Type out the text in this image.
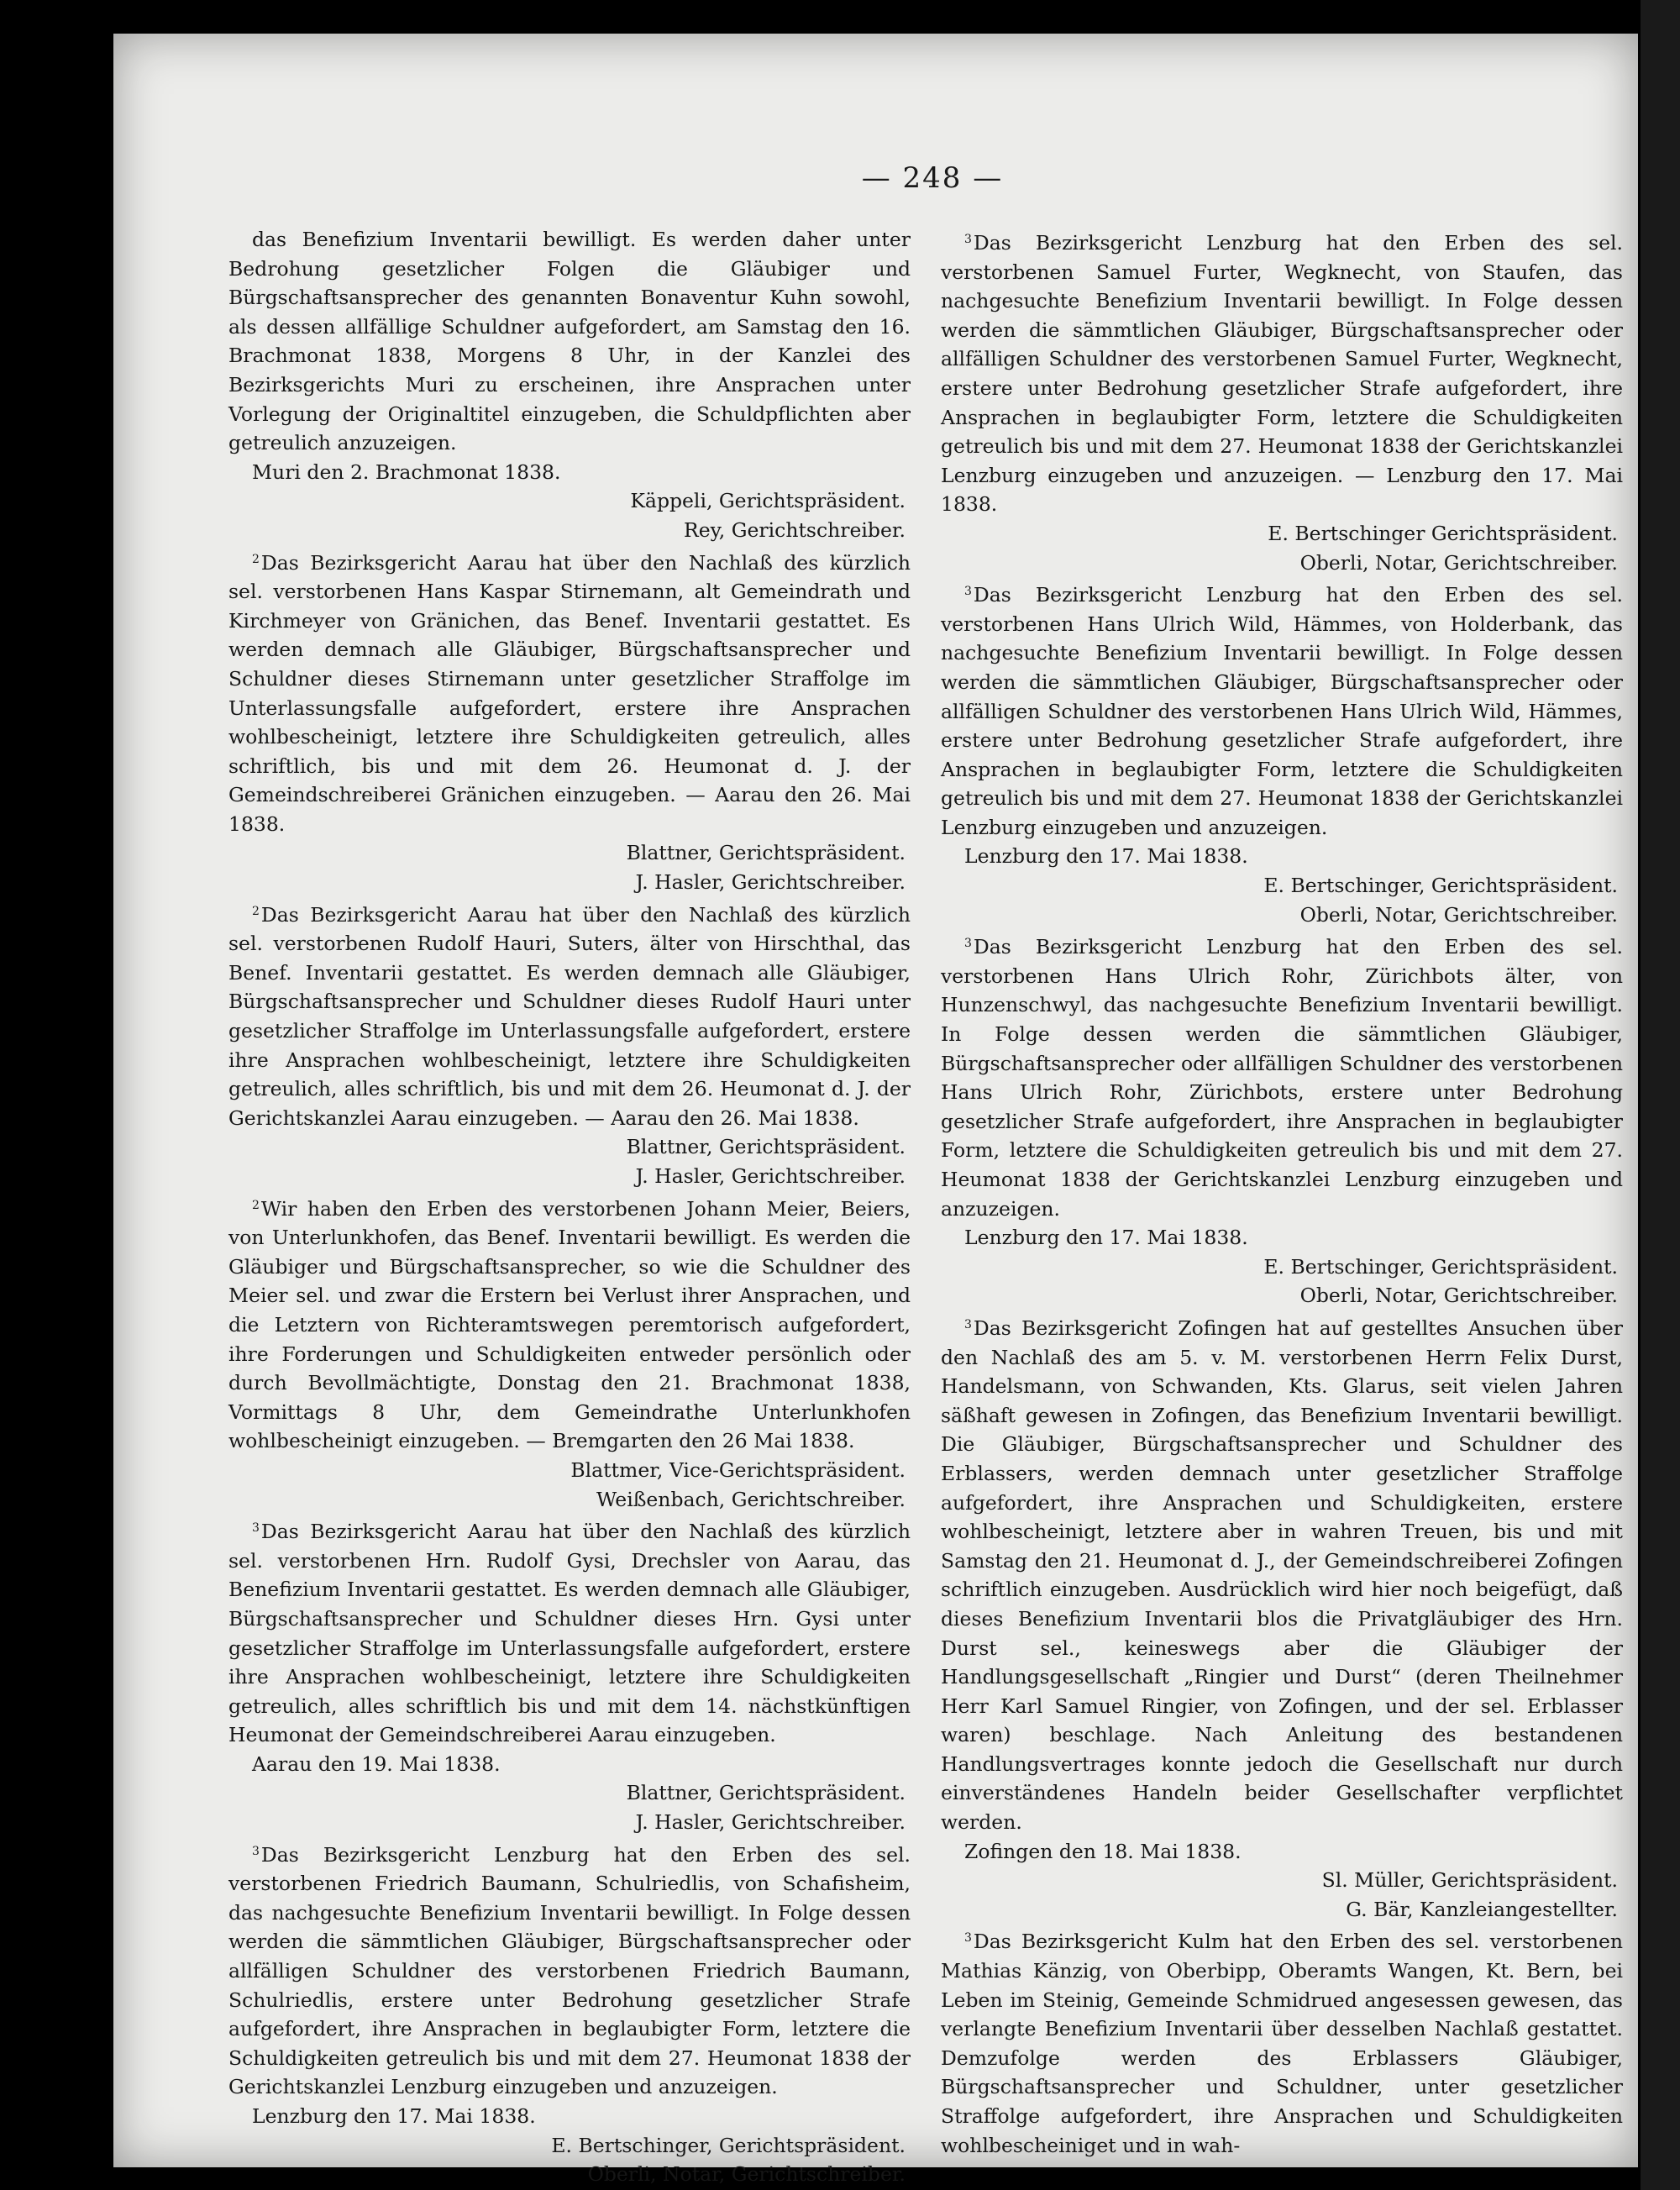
— 248 —

das Benefizium Inventarii bewilligt. Es werden daher unter Bedrohung gesetzlicher Folgen die Gläubiger und Bürgschaftsansprecher des genannten Bonaventur Kuhn sowohl, als dessen allfällige Schuldner aufgefordert, am Samstag den 16. Brachmonat 1838, Morgens 8 Uhr, in der Kanzlei des Bezirksgerichts Muri zu erscheinen, ihre Ansprachen unter Vorlegung der Originaltitel einzugeben, die Schuldpflichten aber getreulich anzuzeigen.

Muri den 2. Brachmonat 1838.

Käppeli, Gerichtspräsident.

Rey, Gerichtschreiber.

$^2$Das Bezirksgericht Aarau hat über den Nachlaß des kürzlich sel. verstorbenen Hans Kaspar Stirnemann, alt Gemeindrath und Kirchmeyer von Gränichen, das Benef. Inventarii gestattet. Es werden demnach alle Gläubiger, Bürgschaftsansprecher und Schuldner dieses Stirnemann unter gesetzlicher Straffolge im Unterlassungsfalle aufgefordert, erstere ihre Ansprachen wohlbescheinigt, letztere ihre Schuldigkeiten getreulich, alles schriftlich, bis und mit dem 26. Heumonat d. J. der Gemeindschreiberei Gränichen einzugeben. — Aarau den 26. Mai 1838.

Blattner, Gerichtspräsident.

J. Hasler, Gerichtschreiber.

$^2$Das Bezirksgericht Aarau hat über den Nachlaß des kürzlich sel. verstorbenen Rudolf Hauri, Suters, älter von Hirschthal, das Benef. Inventarii gestattet. Es werden demnach alle Gläubiger, Bürgschaftsansprecher und Schuldner dieses Rudolf Hauri unter gesetzlicher Straffolge im Unterlassungsfalle aufgefordert, erstere ihre Ansprachen wohlbescheinigt, letztere ihre Schuldigkeiten getreulich, alles schriftlich, bis und mit dem 26. Heumonat d. J. der Gerichtskanzlei Aarau einzugeben. — Aarau den 26. Mai 1838.

Blattner, Gerichtspräsident.

J. Hasler, Gerichtschreiber.

$^2$Wir haben den Erben des verstorbenen Johann Meier, Beiers, von Unterlunkhofen, das Benef. Inventarii bewilligt. Es werden die Gläubiger und Bürgschaftsansprecher, so wie die Schuldner des Meier sel. und zwar die Erstern bei Verlust ihrer Ansprachen, und die Letztern von Richteramtswegen peremtorisch aufgefordert, ihre Forderungen und Schuldigkeiten entweder persönlich oder durch Bevollmächtigte, Donstag den 21. Brachmonat 1838, Vormittags 8 Uhr, dem Gemeindrathe Unterlunkhofen wohlbescheinigt einzugeben. — Bremgarten den 26 Mai 1838.

Blattmer, Vice-Gerichtspräsident.

Weißenbach, Gerichtschreiber.

$^3$Das Bezirksgericht Aarau hat über den Nachlaß des kürzlich sel. verstorbenen Hrn. Rudolf Gysi, Drechsler von Aarau, das Benefizium Inventarii gestattet. Es werden demnach alle Gläubiger, Bürgschaftsansprecher und Schuldner dieses Hrn. Gysi unter gesetzlicher Straffolge im Unterlassungsfalle aufgefordert, erstere ihre Ansprachen wohlbescheinigt, letztere ihre Schuldigkeiten getreulich, alles schriftlich bis und mit dem 14. nächstkünftigen Heumonat der Gemeindschreiberei Aarau einzugeben.

Aarau den 19. Mai 1838.

Blattner, Gerichtspräsident.

J. Hasler, Gerichtschreiber.

$^3$Das Bezirksgericht Lenzburg hat den Erben des sel. verstorbenen Friedrich Baumann, Schulriedlis, von Schafisheim, das nachgesuchte Benefizium Inventarii bewilligt. In Folge dessen werden die sämmtlichen Gläubiger, Bürgschaftsansprecher oder allfälligen Schuldner des verstorbenen Friedrich Baumann, Schulriedlis, erstere unter Bedrohung gesetzlicher Strafe aufgefordert, ihre Ansprachen in beglaubigter Form, letztere die Schuldigkeiten getreulich bis und mit dem 27. Heumonat 1838 der Gerichtskanzlei Lenzburg einzugeben und anzuzeigen.

Lenzburg den 17. Mai 1838.

E. Bertschinger, Gerichtspräsident.

Oberli, Notar, Gerichtschreiber.

$^3$Das Bezirksgericht Lenzburg hat den Erben des sel. verstorbenen Samuel Furter, Wegknecht, von Staufen, das nachgesuchte Benefizium Inventarii bewilligt. In Folge dessen werden die sämmtlichen Gläubiger, Bürgschaftsansprecher oder allfälligen Schuldner des verstorbenen Samuel Furter, Wegknecht, erstere unter Bedrohung gesetzlicher Strafe aufgefordert, ihre Ansprachen in beglaubigter Form, letztere die Schuldigkeiten getreulich bis und mit dem 27. Heumonat 1838 der Gerichtskanzlei Lenzburg einzugeben und anzuzeigen. — Lenzburg den 17. Mai 1838.

E. Bertschinger Gerichtspräsident.

Oberli, Notar, Gerichtschreiber.

$^3$Das Bezirksgericht Lenzburg hat den Erben des sel. verstorbenen Hans Ulrich Wild, Hämmes, von Holderbank, das nachgesuchte Benefizium Inventarii bewilligt. In Folge dessen werden die sämmtlichen Gläubiger, Bürgschaftsansprecher oder allfälligen Schuldner des verstorbenen Hans Ulrich Wild, Hämmes, erstere unter Bedrohung gesetzlicher Strafe aufgefordert, ihre Ansprachen in beglaubigter Form, letztere die Schuldigkeiten getreulich bis und mit dem 27. Heumonat 1838 der Gerichtskanzlei Lenzburg einzugeben und anzuzeigen.

Lenzburg den 17. Mai 1838.

E. Bertschinger, Gerichtspräsident.

Oberli, Notar, Gerichtschreiber.

$^3$Das Bezirksgericht Lenzburg hat den Erben des sel. verstorbenen Hans Ulrich Rohr, Zürichbots älter, von Hunzenschwyl, das nachgesuchte Benefizium Inventarii bewilligt. In Folge dessen werden die sämmtlichen Gläubiger, Bürgschaftsansprecher oder allfälligen Schuldner des verstorbenen Hans Ulrich Rohr, Zürichbots, erstere unter Bedrohung gesetzlicher Strafe aufgefordert, ihre Ansprachen in beglaubigter Form, letztere die Schuldigkeiten getreulich bis und mit dem 27. Heumonat 1838 der Gerichtskanzlei Lenzburg einzugeben und anzuzeigen.

Lenzburg den 17. Mai 1838.

E. Bertschinger, Gerichtspräsident.

Oberli, Notar, Gerichtschreiber.

$^3$Das Bezirksgericht Zofingen hat auf gestelltes Ansuchen über den Nachlaß des am 5. v. M. verstorbenen Herrn Felix Durst, Handelsmann, von Schwanden, Kts. Glarus, seit vielen Jahren säßhaft gewesen in Zofingen, das Benefizium Inventarii bewilligt. Die Gläubiger, Bürgschaftsansprecher und Schuldner des Erblassers, werden demnach unter gesetzlicher Straffolge aufgefordert, ihre Ansprachen und Schuldigkeiten, erstere wohlbescheinigt, letztere aber in wahren Treuen, bis und mit Samstag den 21. Heumonat d. J., der Gemeindschreiberei Zofingen schriftlich einzugeben. Ausdrücklich wird hier noch beigefügt, daß dieses Benefizium Inventarii blos die Privatgläubiger des Hrn. Durst sel., keineswegs aber die Gläubiger der Handlungsgesellschaft „Ringier und Durst“ (deren Theilnehmer Herr Karl Samuel Ringier, von Zofingen, und der sel. Erblasser waren) beschlage. Nach Anleitung des bestandenen Handlungsvertrages konnte jedoch die Gesellschaft nur durch einverständenes Handeln beider Gesellschafter verpflichtet werden.

Zofingen den 18. Mai 1838.

Sl. Müller, Gerichtspräsident.

G. Bär, Kanzleiangestellter.

$^3$Das Bezirksgericht Kulm hat den Erben des sel. verstorbenen Mathias Känzig, von Oberbipp, Oberamts Wangen, Kt. Bern, bei Leben im Steinig, Gemeinde Schmidrued angesessen gewesen, das verlangte Benefizium Inventarii über desselben Nachlaß gestattet. Demzufolge werden des Erblassers Gläubiger, Bürgschaftsansprecher und Schuldner, unter gesetzlicher Straffolge aufgefordert, ihre Ansprachen und Schuldigkeiten wohlbescheiniget und in wah-
